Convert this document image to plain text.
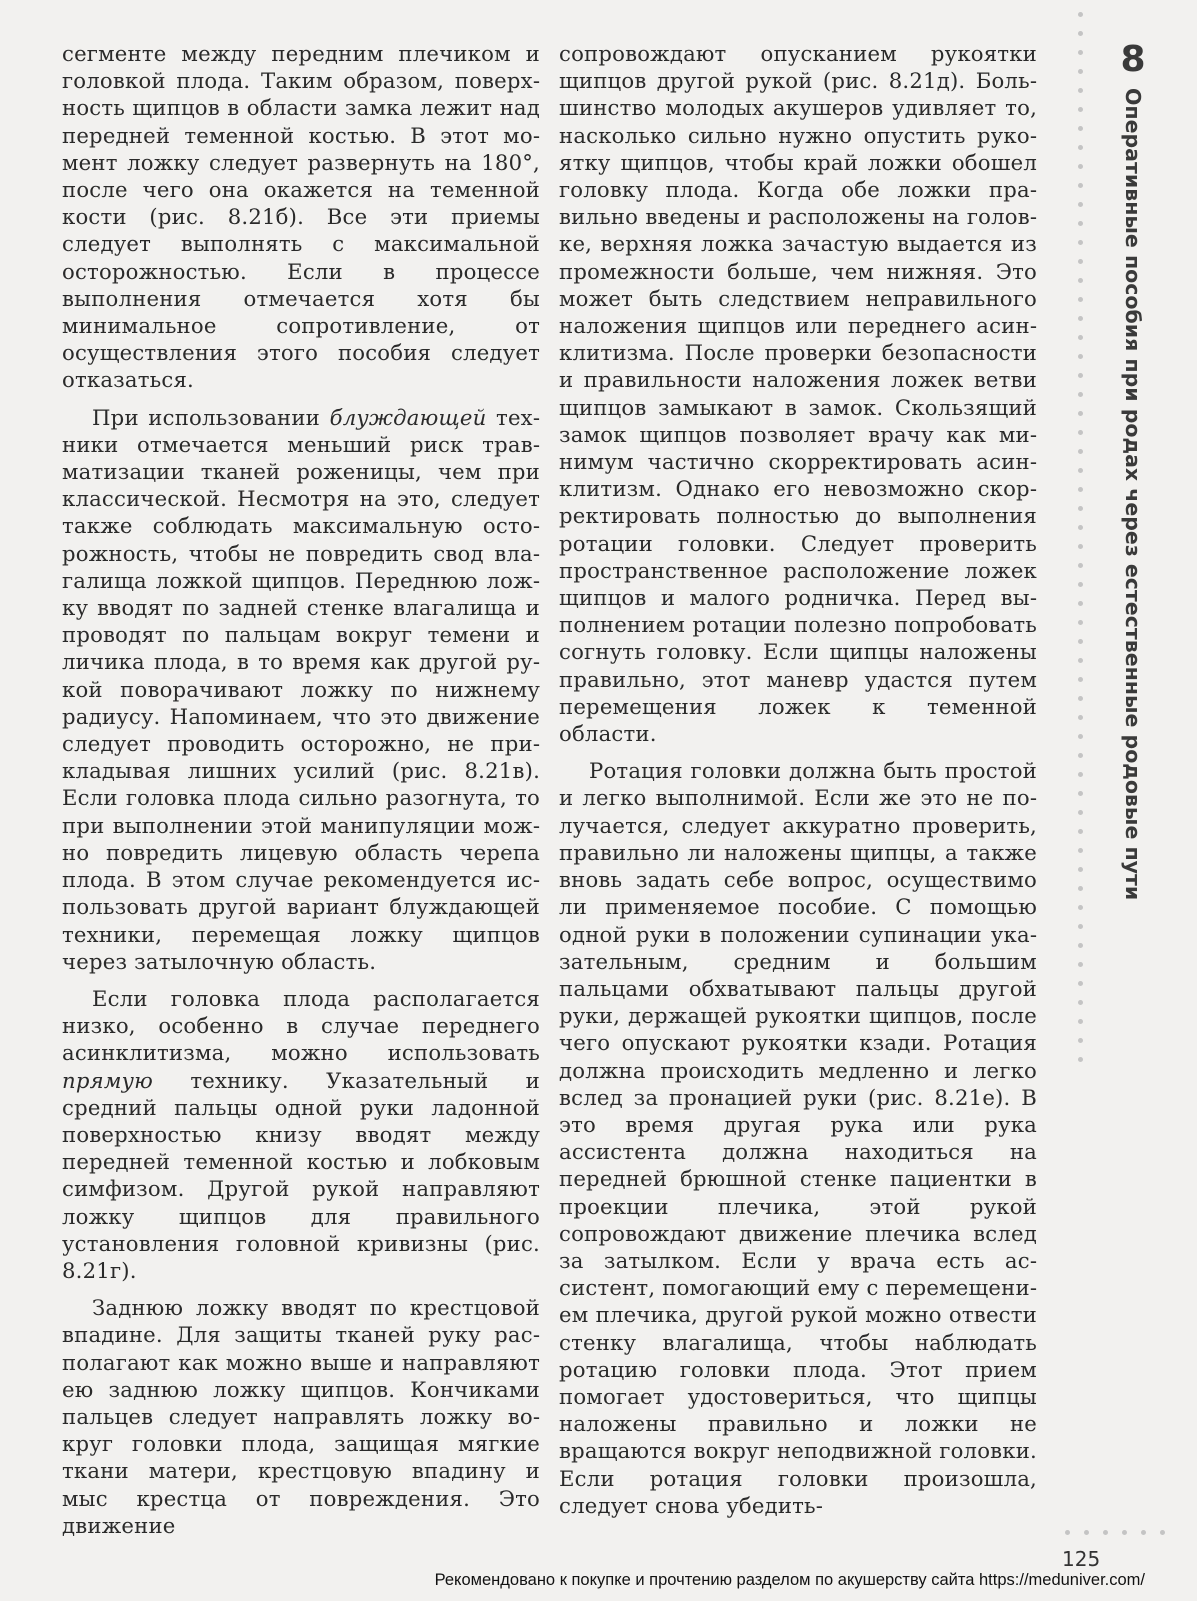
8
Оперативные пособия при родах через естественные родовые пути

сегменте между передним плечиком и головкой плода. Таким образом, поверхность щипцов в области замка лежит над передней теменной костью. В этот момент ложку следует развернуть на 180°, после чего она окажется на теменной кости (рис. 8.21б). Все эти приемы следует выполнять с максимальной осторожностью. Если в процессе выполнения отмечается хотя бы минимальное сопротивление, от осуществления этого пособия следует отказаться.

При использовании блуждающей техники отмечается меньший риск травматизации тканей роженицы, чем при классической. Несмотря на это, следует также соблюдать максимальную осторожность, чтобы не повредить свод влагалища ложкой щипцов. Переднюю ложку вводят по задней стенке влагалища и проводят по пальцам вокруг темени и личика плода, в то время как другой рукой поворачивают ложку по нижнему радиусу. Напоминаем, что это движение следует проводить осторожно, не прикладывая лишних усилий (рис. 8.21в). Если головка плода сильно разогнута, то при выполнении этой манипуляции можно повредить лицевую область черепа плода. В этом случае рекомендуется использовать другой вариант блуждающей техники, перемещая ложку щипцов через затылочную область.

Если головка плода располагается низко, особенно в случае переднего асинклитизма, можно использовать прямую технику. Указательный и средний пальцы одной руки ладонной поверхностью книзу вводят между передней теменной костью и лобковым симфизом. Другой рукой направляют ложку щипцов для правильного установления головной кривизны (рис. 8.21г).

Заднюю ложку вводят по крестцовой впадине. Для защиты тканей руку располагают как можно выше и направляют ею заднюю ложку щипцов. Кончиками пальцев следует направлять ложку вокруг головки плода, защищая мягкие ткани матери, крестцовую впадину и мыс крестца от повреждения. Это движение

сопровождают опусканием рукоятки щипцов другой рукой (рис. 8.21д). Большинство молодых акушеров удивляет то, насколько сильно нужно опустить рукоятку щипцов, чтобы край ложки обошел головку плода. Когда обе ложки правильно введены и расположены на головке, верхняя ложка зачастую выдается из промежности больше, чем нижняя. Это может быть следствием неправильного наложения щипцов или переднего асинклитизма. После проверки безопасности и правильности наложения ложек ветви щипцов замыкают в замок. Скользящий замок щипцов позволяет врачу как минимум частично скорректировать асинклитизм. Однако его невозможно скорректировать полностью до выполнения ротации головки. Следует проверить пространственное расположение ложек щипцов и малого родничка. Перед выполнением ротации полезно попробовать согнуть головку. Если щипцы наложены правильно, этот маневр удастся путем перемещения ложек к теменной области.

Ротация головки должна быть простой и легко выполнимой. Если же это не получается, следует аккуратно проверить, правильно ли наложены щипцы, а также вновь задать себе вопрос, осуществимо ли применяемое пособие. С помощью одной руки в положении супинации указательным, средним и большим пальцами обхватывают пальцы другой руки, держащей рукоятки щипцов, после чего опускают рукоятки кзади. Ротация должна происходить медленно и легко вслед за пронацией руки (рис. 8.21е). В это время другая рука или рука ассистента должна находиться на передней брюшной стенке пациентки в проекции плечика, этой рукой сопровождают движение плечика вслед за затылком. Если у врача есть ассистент, помогающий ему с перемещением плечика, другой рукой можно отвести стенку влагалища, чтобы наблюдать ротацию головки плода. Этот прием помогает удостовериться, что щипцы наложены правильно и ложки не вращаются вокруг неподвижной головки. Если ротация головки произошла, следует снова убедить-

125
Рекомендовано к покупке и прочтению разделом по акушерству сайта https://meduniver.com/
